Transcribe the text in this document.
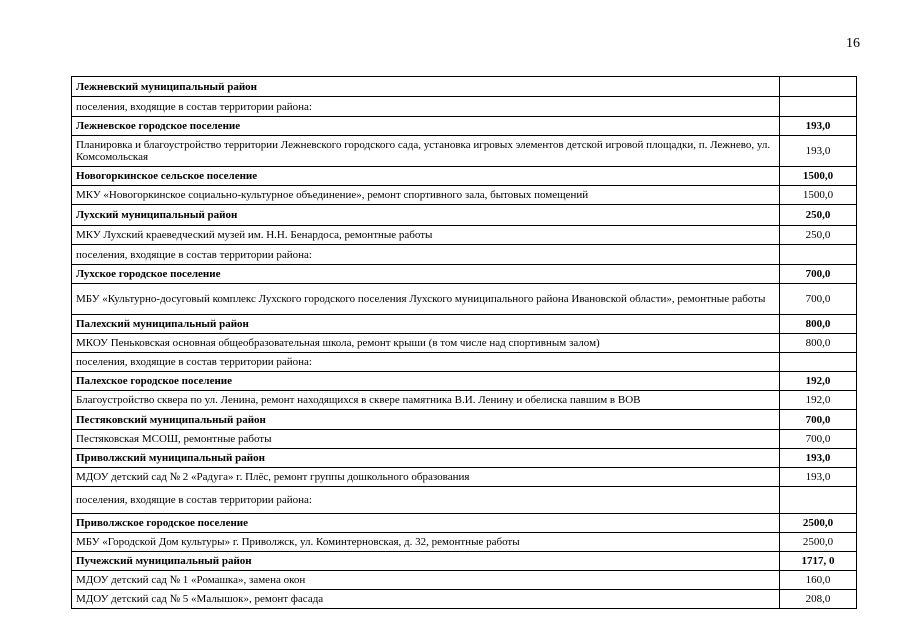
16
Лежневский муниципальный район	
поселения, входящие в состав территории района:	
Лежневское городское поселение	193,0
Планировка и благоустройство территории Лежневского городского сада, установка игровых элементов детской игровой площадки, п. Лежнево, ул. Комсомольская	193,0
Новогоркинское сельское поселение	1500,0
МКУ «Новогоркинское социально-культурное объединение», ремонт спортивного зала, бытовых помещений	1500,0
Лухский муниципальный район	250,0
МКУ Лухский краеведческий музей им. Н.Н. Бенардоса, ремонтные работы	250,0
поселения, входящие в состав территории района:	
Лухское городское поселение	700,0
МБУ «Культурно-досуговый комплекс Лухского городского поселения Лухского муниципального района Ивановской области», ремонтные работы	700,0
Палехский муниципальный район	800,0
МКОУ Пеньковская основная общеобразовательная школа, ремонт крыши (в том числе над спортивным залом)	800,0
поселения, входящие в состав территории района:	
Палехское городское поселение	192,0
Благоустройство сквера по ул. Ленина, ремонт находящихся в сквере памятника В.И. Ленину и обелиска павшим в ВОВ	192,0
Пестяковский муниципальный район	700,0
Пестяковская МСОШ, ремонтные работы	700,0
Приволжский муниципальный район	193,0
МДОУ детский сад № 2 «Радуга» г. Плёс, ремонт группы дошкольного образования	193,0
поселения, входящие в состав территории района:	
Приволжское городское поселение	2500,0
МБУ «Городской Дом культуры» г. Приволжск, ул. Коминтерновская, д. 32, ремонтные работы	2500,0
Пучежский муниципальный район	1717, 0
МДОУ детский сад № 1 «Ромашка», замена окон	160,0
МДОУ детский сад № 5 «Малышок», ремонт фасада	208,0
